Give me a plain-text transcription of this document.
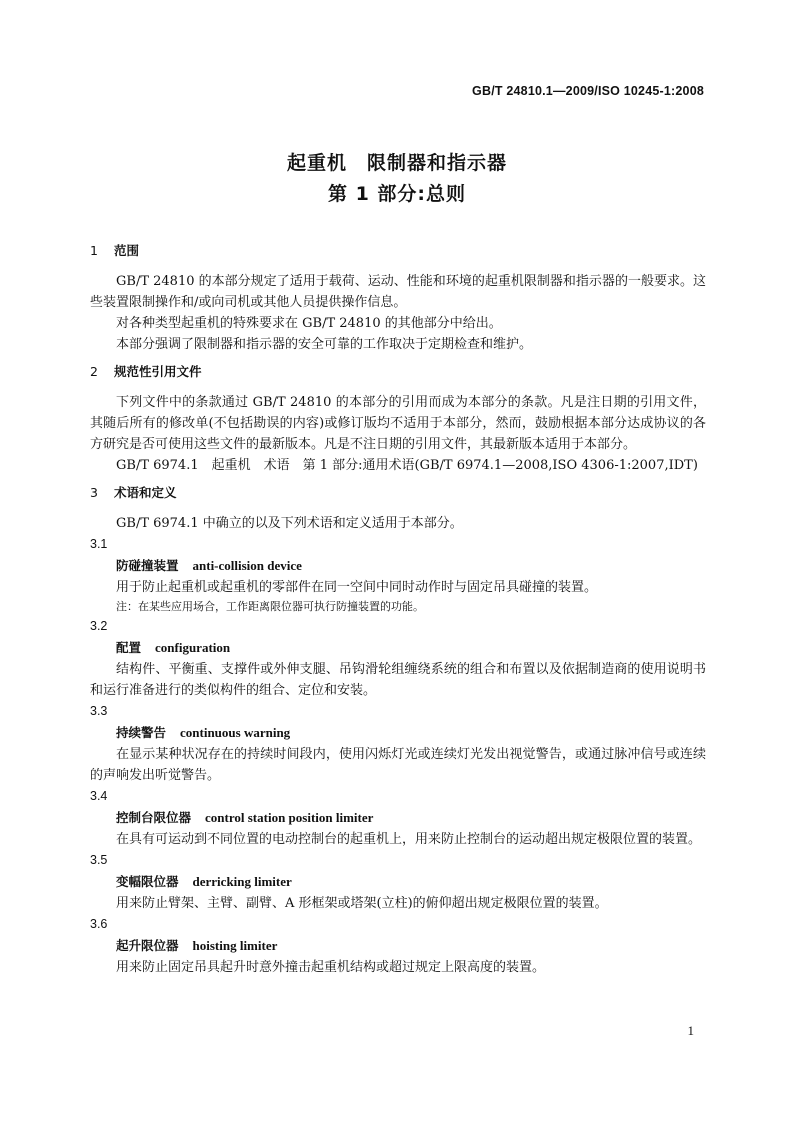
GB/T 24810.1—2009/ISO 10245-1:2008
起重机　限制器和指示器
第 1 部分:总则
1 范围

GB/T 24810 的本部分规定了适用于载荷、运动、性能和环境的起重机限制器和指示器的一般要求。这些装置限制操作和/或向司机或其他人员提供操作信息。

对各种类型起重机的特殊要求在 GB/T 24810 的其他部分中给出。

本部分强调了限制器和指示器的安全可靠的工作取决于定期检查和维护。

2 规范性引用文件

下列文件中的条款通过 GB/T 24810 的本部分的引用而成为本部分的条款。凡是注日期的引用文件，其随后所有的修改单(不包括勘误的内容)或修订版均不适用于本部分，然而，鼓励根据本部分达成协议的各方研究是否可使用这些文件的最新版本。凡是不注日期的引用文件，其最新版本适用于本部分。

GB/T 6974.1　起重机　术语　第 1 部分:通用术语(GB/T 6974.1—2008,ISO 4306-1:2007,IDT)

3 术语和定义

GB/T 6974.1 中确立的以及下列术语和定义适用于本部分。

3.1

防碰撞装置 anti-collision device

用于防止起重机或起重机的零部件在同一空间中同时动作时与固定吊具碰撞的装置。

注：在某些应用场合，工作距离限位器可执行防撞装置的功能。

3.2

配置 configuration

结构件、平衡重、支撑件或外伸支腿、吊钩滑轮组缠绕系统的组合和布置以及依据制造商的使用说明书和运行准备进行的类似构件的组合、定位和安装。

3.3

持续警告 continuous warning

在显示某种状况存在的持续时间段内，使用闪烁灯光或连续灯光发出视觉警告，或通过脉冲信号或连续的声响发出听觉警告。

3.4

控制台限位器 control station position limiter

在具有可运动到不同位置的电动控制台的起重机上，用来防止控制台的运动超出规定极限位置的装置。

3.5

变幅限位器 derricking limiter

用来防止臂架、主臂、副臂、A 形框架或塔架(立柱)的俯仰超出规定极限位置的装置。

3.6

起升限位器 hoisting limiter

用来防止固定吊具起升时意外撞击起重机结构或超过规定上限高度的装置。

1
